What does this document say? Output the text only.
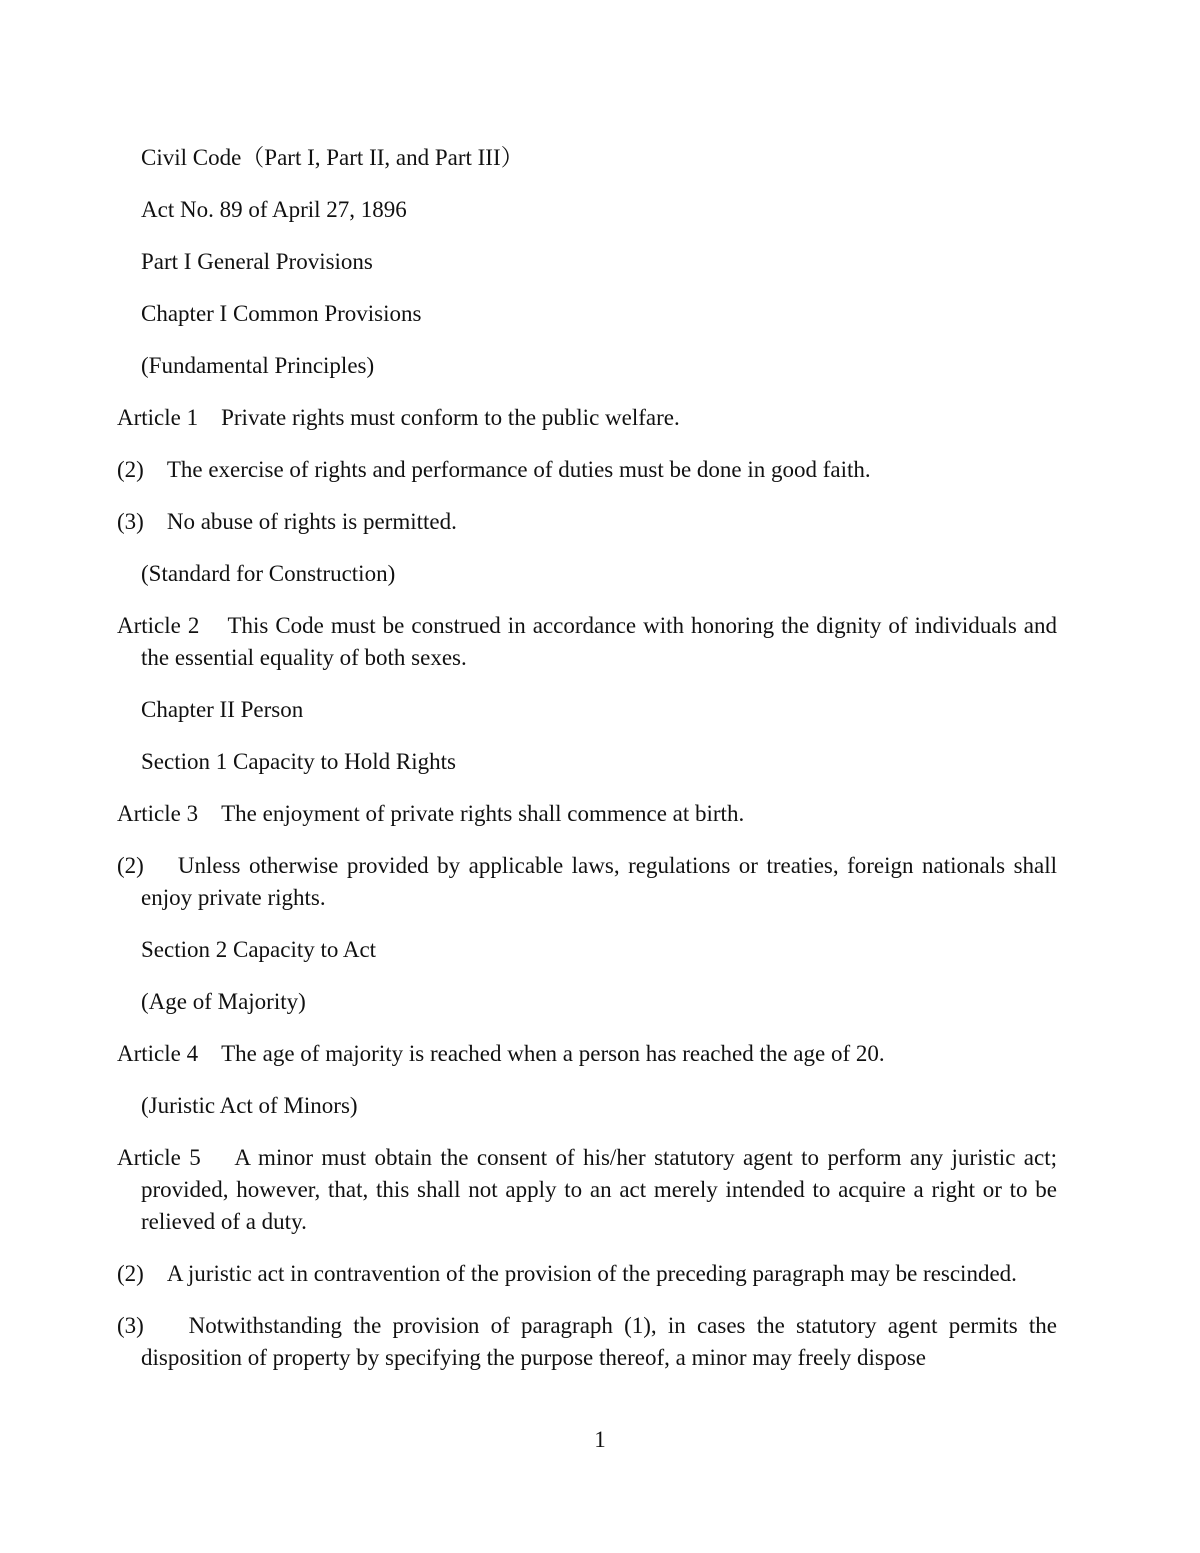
Civil Code（Part I, Part II, and Part III）
Act No. 89 of April 27, 1896
Part I General Provisions
Chapter I Common Provisions
(Fundamental Principles)
Article 1 Private rights must conform to the public welfare.
(2) The exercise of rights and performance of duties must be done in good faith.
(3) No abuse of rights is permitted.
(Standard for Construction)
Article 2 This Code must be construed in accordance with honoring the dignity of individuals and the essential equality of both sexes.
Chapter II Person
Section 1 Capacity to Hold Rights
Article 3 The enjoyment of private rights shall commence at birth.
(2) Unless otherwise provided by applicable laws, regulations or treaties, foreign nationals shall enjoy private rights.
Section 2 Capacity to Act
(Age of Majority)
Article 4 The age of majority is reached when a person has reached the age of 20.
(Juristic Act of Minors)
Article 5 A minor must obtain the consent of his/her statutory agent to perform any juristic act; provided, however, that, this shall not apply to an act merely intended to acquire a right or to be relieved of a duty.
(2) A juristic act in contravention of the provision of the preceding paragraph may be rescinded.
(3) Notwithstanding the provision of paragraph (1), in cases the statutory agent permits the disposition of property by specifying the purpose thereof, a minor may freely dispose
1
